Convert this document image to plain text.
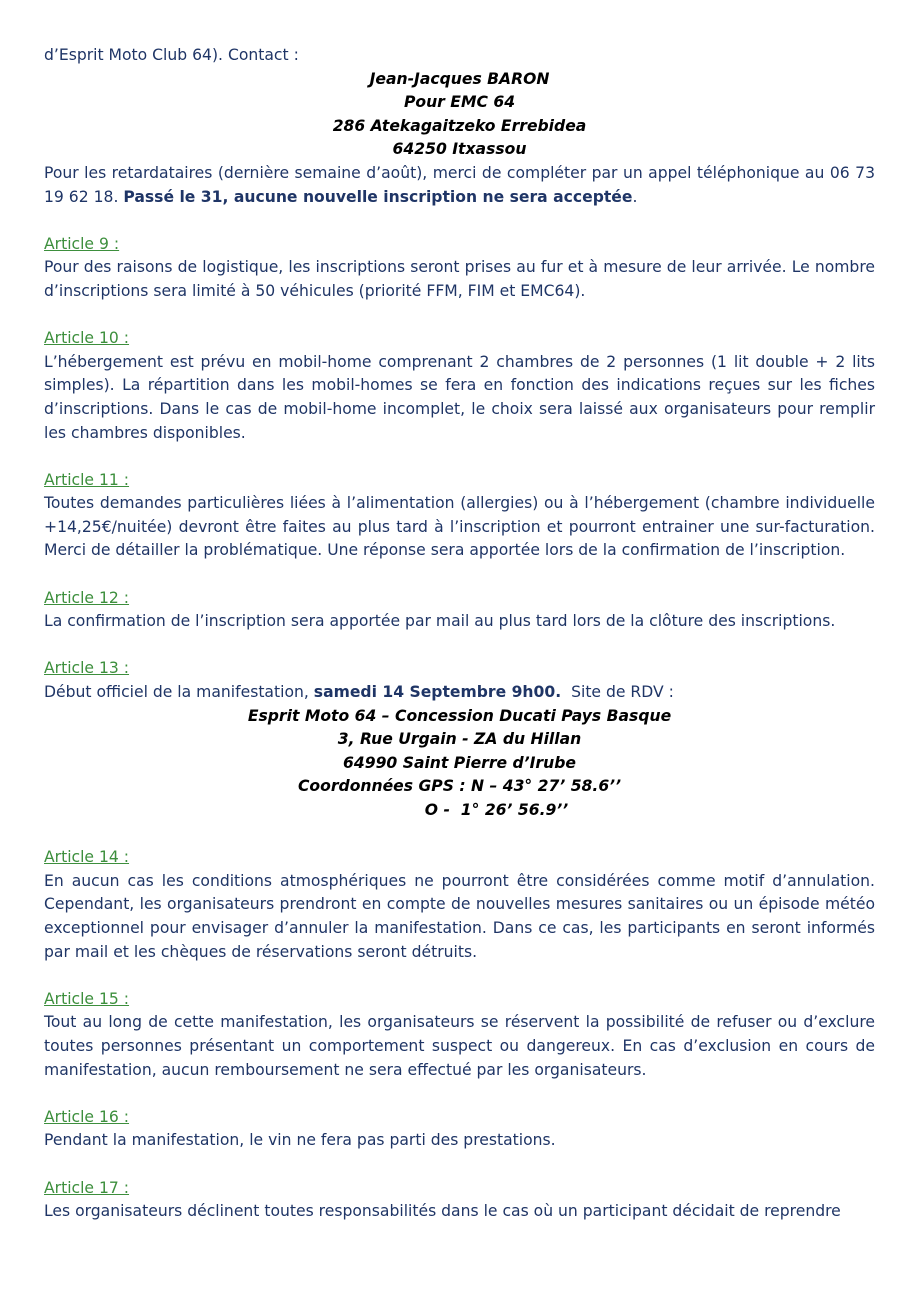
d’Esprit Moto Club 64). Contact :

Jean-Jacques BARON
Pour EMC 64
286 Atekagaitzeko Errebidea
64250 Itxassou

Pour les retardataires (dernière semaine d’août), merci de compléter par un appel téléphonique au 06 73 19 62 18. Passé le 31, aucune nouvelle inscription ne sera acceptée.

Article 9 :

Pour des raisons de logistique, les inscriptions seront prises au fur et à mesure de leur arrivée. Le nombre d’inscriptions sera limité à 50 véhicules (priorité FFM, FIM et EMC64).

Article 10 :

L’hébergement est prévu en mobil-home comprenant 2 chambres de 2 personnes (1 lit double + 2 lits simples). La répartition dans les mobil-homes se fera en fonction des indications reçues sur les fiches d’inscriptions. Dans le cas de mobil-home incomplet, le choix sera laissé aux organisateurs pour remplir les chambres disponibles.

Article 11 :

Toutes demandes particulières liées à l’alimentation (allergies) ou à l’hébergement (chambre individuelle +14,25€/nuitée) devront être faites au plus tard à l’inscription et pourront entrainer une sur-facturation. Merci de détailler la problématique. Une réponse sera apportée lors de la confirmation de l’inscription.

Article 12 :

La confirmation de l’inscription sera apportée par mail au plus tard lors de la clôture des inscriptions.

Article 13 :

Début officiel de la manifestation, samedi 14 Septembre 9h00.  Site de RDV :

Esprit Moto 64 – Concession Ducati Pays Basque
3, Rue Urgain - ZA du Hillan
64990 Saint Pierre d’Irube
Coordonnées GPS : N – 43° 27’ 58.6’’
O -  1° 26’ 56.9’’

Article 14 :

En aucun cas les conditions atmosphériques ne pourront être considérées comme motif d’annulation. Cependant, les organisateurs prendront en compte de nouvelles mesures sanitaires ou un épisode météo exceptionnel pour envisager d’annuler la manifestation. Dans ce cas, les participants en seront informés par mail et les chèques de réservations seront détruits.

Article 15 :

Tout au long de cette manifestation, les organisateurs se réservent la possibilité de refuser ou d’exclure toutes personnes présentant un comportement suspect ou dangereux. En cas d’exclusion en cours de manifestation, aucun remboursement ne sera effectué par les organisateurs.

Article 16 :

Pendant la manifestation, le vin ne fera pas parti des prestations.

Article 17 :

Les organisateurs déclinent toutes responsabilités dans le cas où un participant décidait de reprendre
